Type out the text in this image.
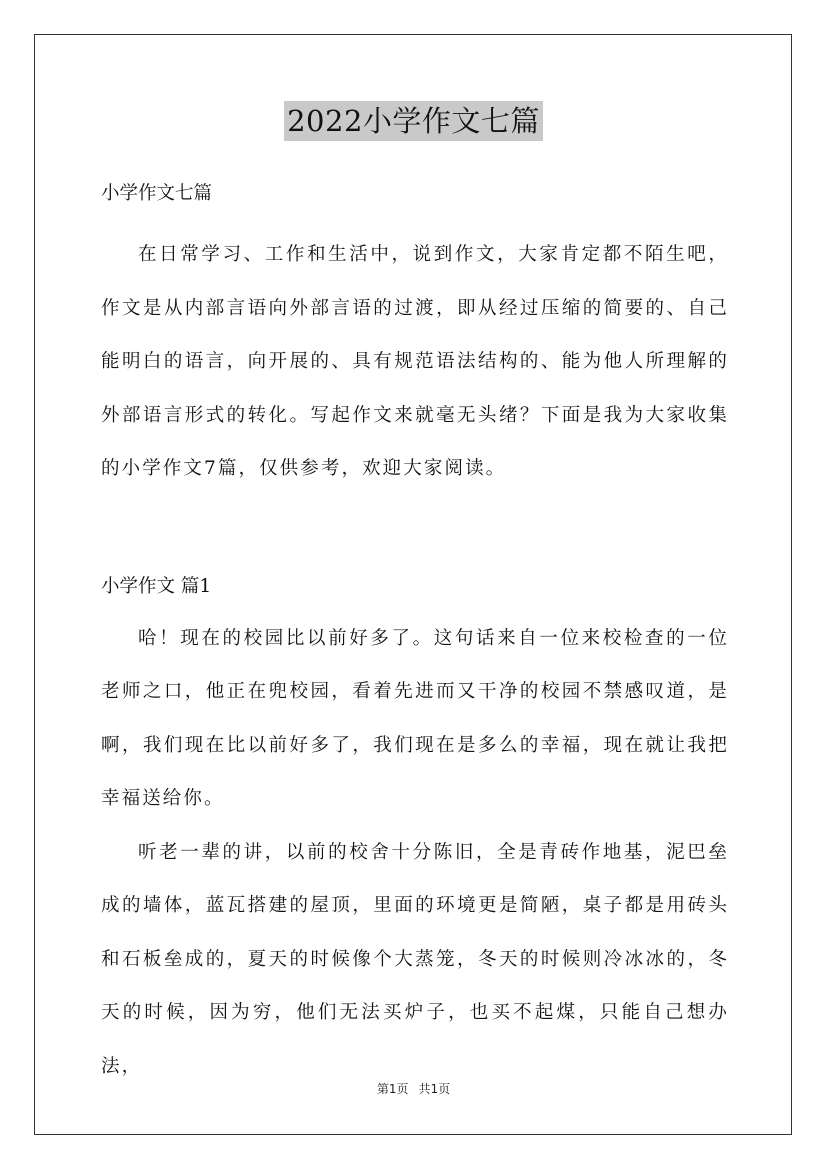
2022小学作文七篇

小学作文七篇

在日常学习、工作和生活中，说到作文，大家肯定都不陌生吧，作文是从内部言语向外部言语的过渡，即从经过压缩的简要的、自己能明白的语言，向开展的、具有规范语法结构的、能为他人所理解的外部语言形式的转化。写起作文来就毫无头绪？下面是我为大家收集的小学作文7篇，仅供参考，欢迎大家阅读。

小学作文 篇1

哈！现在的校园比以前好多了。这句话来自一位来校检查的一位老师之口，他正在兜校园，看着先进而又干净的校园不禁感叹道，是啊，我们现在比以前好多了，我们现在是多么的幸福，现在就让我把幸福送给你。

听老一辈的讲，以前的校舍十分陈旧，全是青砖作地基，泥巴垒成的墙体，蓝瓦搭建的屋顶，里面的环境更是简陋，桌子都是用砖头和石板垒成的，夏天的时候像个大蒸笼，冬天的时候则冷冰冰的，冬天的时候，因为穷，他们无法买炉子，也买不起煤，只能自己想办法，

第1页 共1页
